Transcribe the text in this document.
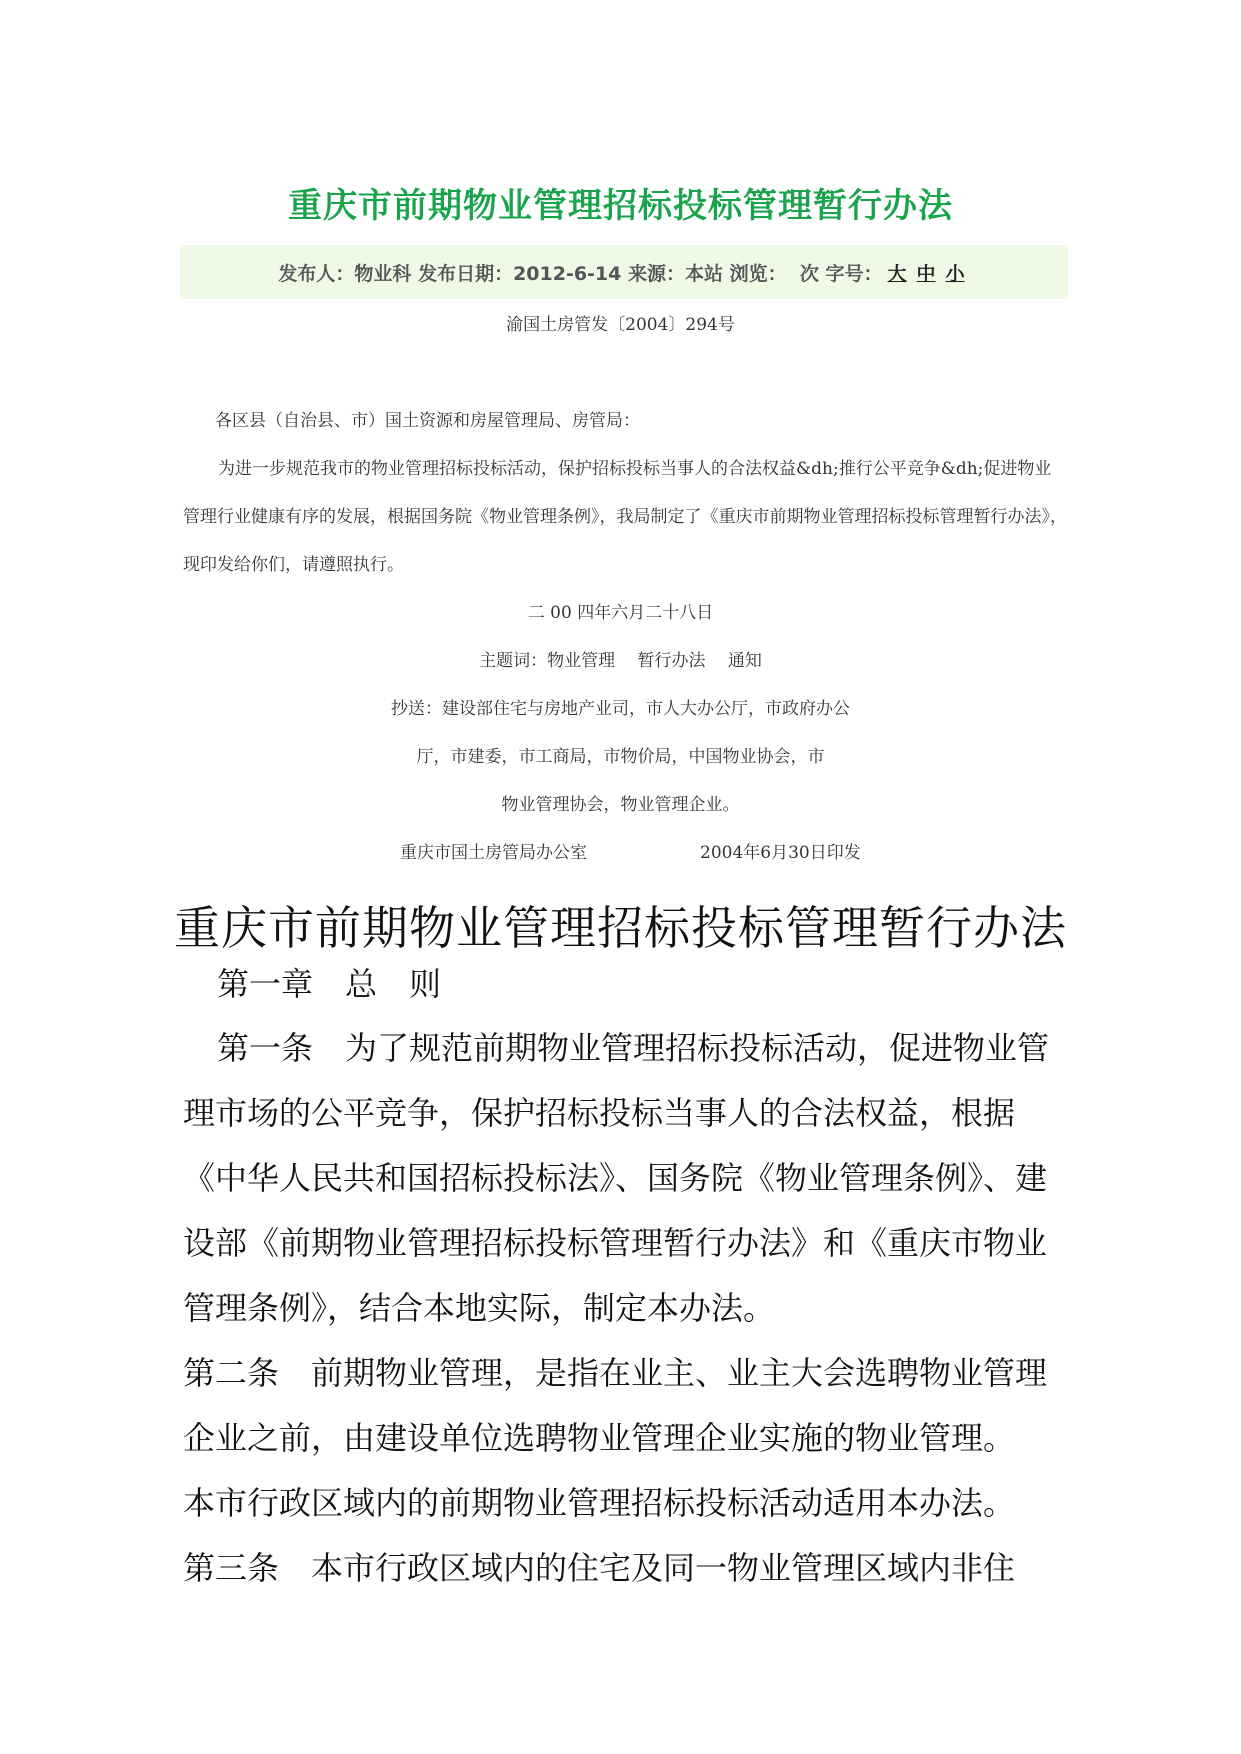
重庆市前期物业管理招标投标管理暂行办法
发布人：物业科
发布日期：2012-6-14
来源：本站
浏览：  次
字号： 大 中 小
渝国土房管发〔2004〕294号
各区县（自治县、市）国土资源和房屋管理局、房管局：
为进一步规范我市的物业管理招标投标活动，保护招标投标当事人的合法权益&dh;推行公平竞争&dh;促进物业管理行业健康有序的发展，根据国务院《物业管理条例》，我局制定了《重庆市前期物业管理招标投标管理暂行办法》，现印发给你们，请遵照执行。
二 00 四年六月二十八日
主题词：物业管理　 暂行办法　 通知
抄送：建设部住宅与房地产业司，市人大办公厅，市政府办公
厅，市建委，市工商局，市物价局，中国物业协会，市
物业管理协会，物业管理企业。
重庆市国土房管局办公室	2004年6月30日印发
重庆市前期物业管理招标投标管理暂行办法
第一章　总　则
第一条　为了规范前期物业管理招标投标活动，促进物业管理市场的公平竞争，保护招标投标当事人的合法权益，根据《中华人民共和国招标投标法》、国务院《物业管理条例》、建设部《前期物业管理招标投标管理暂行办法》和《重庆市物业管理条例》，结合本地实际，制定本办法。
第二条　前期物业管理，是指在业主、业主大会选聘物业管理企业之前，由建设单位选聘物业管理企业实施的物业管理。
本市行政区域内的前期物业管理招标投标活动适用本办法。
第三条　本市行政区域内的住宅及同一物业管理区域内非住
